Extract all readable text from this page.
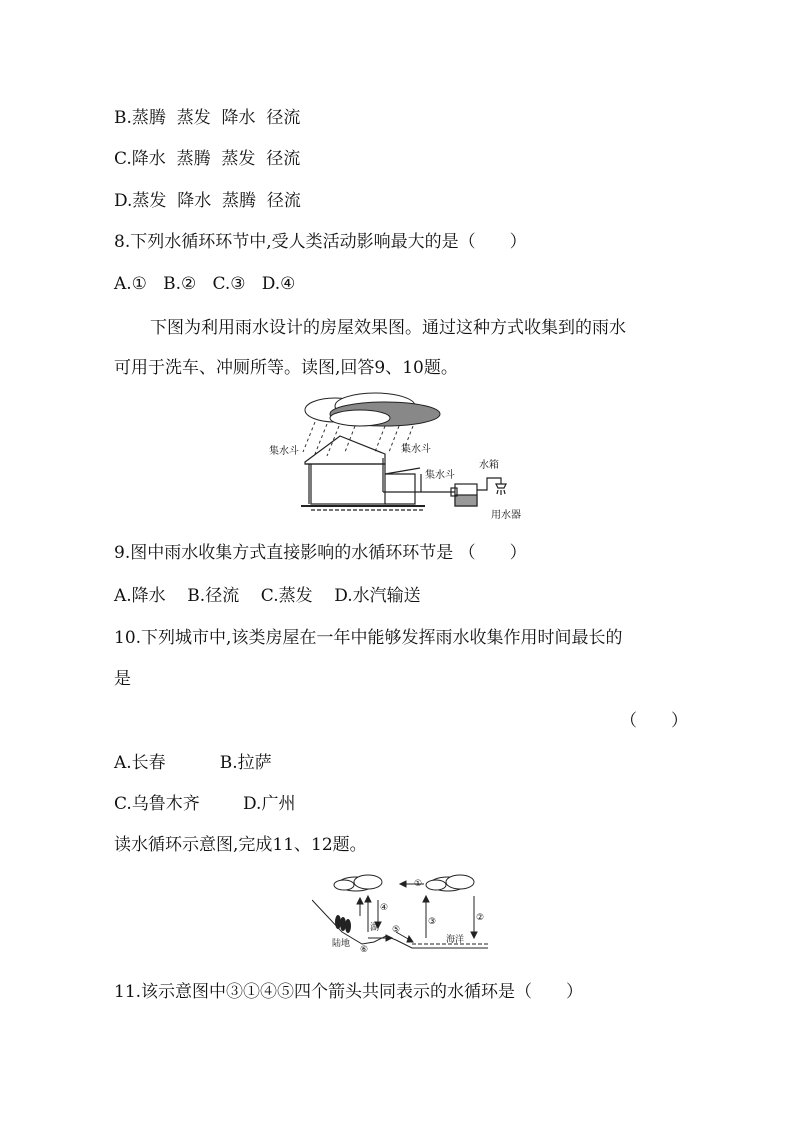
B.蒸腾  蒸发  降水  径流
C.降水  蒸腾  蒸发  径流
D.蒸发  降水  蒸腾  径流
8.下列水循环环节中,受人类活动影响最大的是（　　）
A.①   B.②   C.③   D.④
下图为利用雨水设计的房屋效果图。通过这种方式收集到的雨水
可用于洗车、冲厕所等。读图,回答9、10题。
集水斗	集水斗
集水斗
水箱
用水器
9.图中雨水收集方式直接影响的水循环环节是 （　　）
A.降水    B.径流    C.蒸发    D.水汽输送
10.下列城市中,该类房屋在一年中能够发挥雨水收集作用时间最长的
是
（　　）
A.长春          B.拉萨
C.乌鲁木齐        D.广州
读水循环示意图,完成11、12题。
①
②
③
④
⑤
⑥
湖
陆地	海洋
11.该示意图中③①④⑤四个箭头共同表示的水循环是（　　）
